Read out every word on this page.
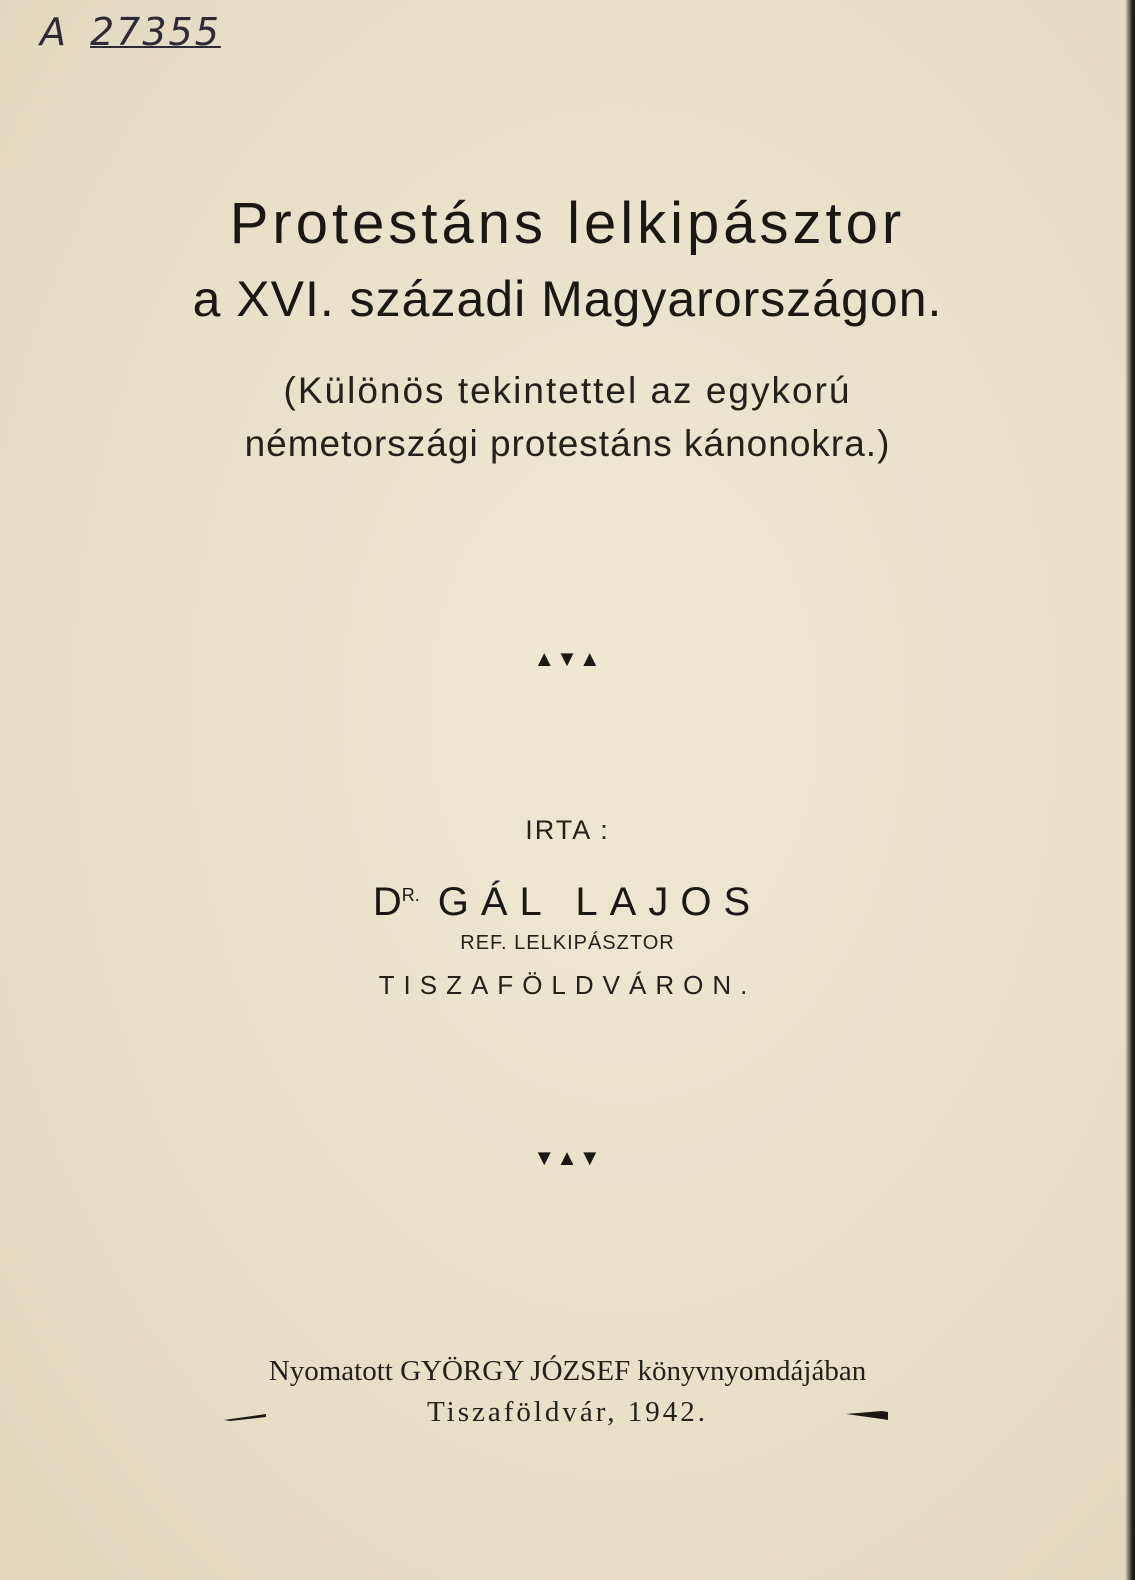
A 27355
Protestáns lelkipásztor
a XVI. századi Magyarországon.
(Különös tekintettel az egykorú
németországi protestáns kánonokra.)
▲▼▲
IRTA :
$D^{R.}$ GÁL LAJOS
REF. LELKIPÁSZTOR
TISZAFÖLDVÁRON.
▼▲▼
Nyomatott GYÖRGY JÓZSEF könyvnyomdájában
Tiszaföldvár, 1942.
